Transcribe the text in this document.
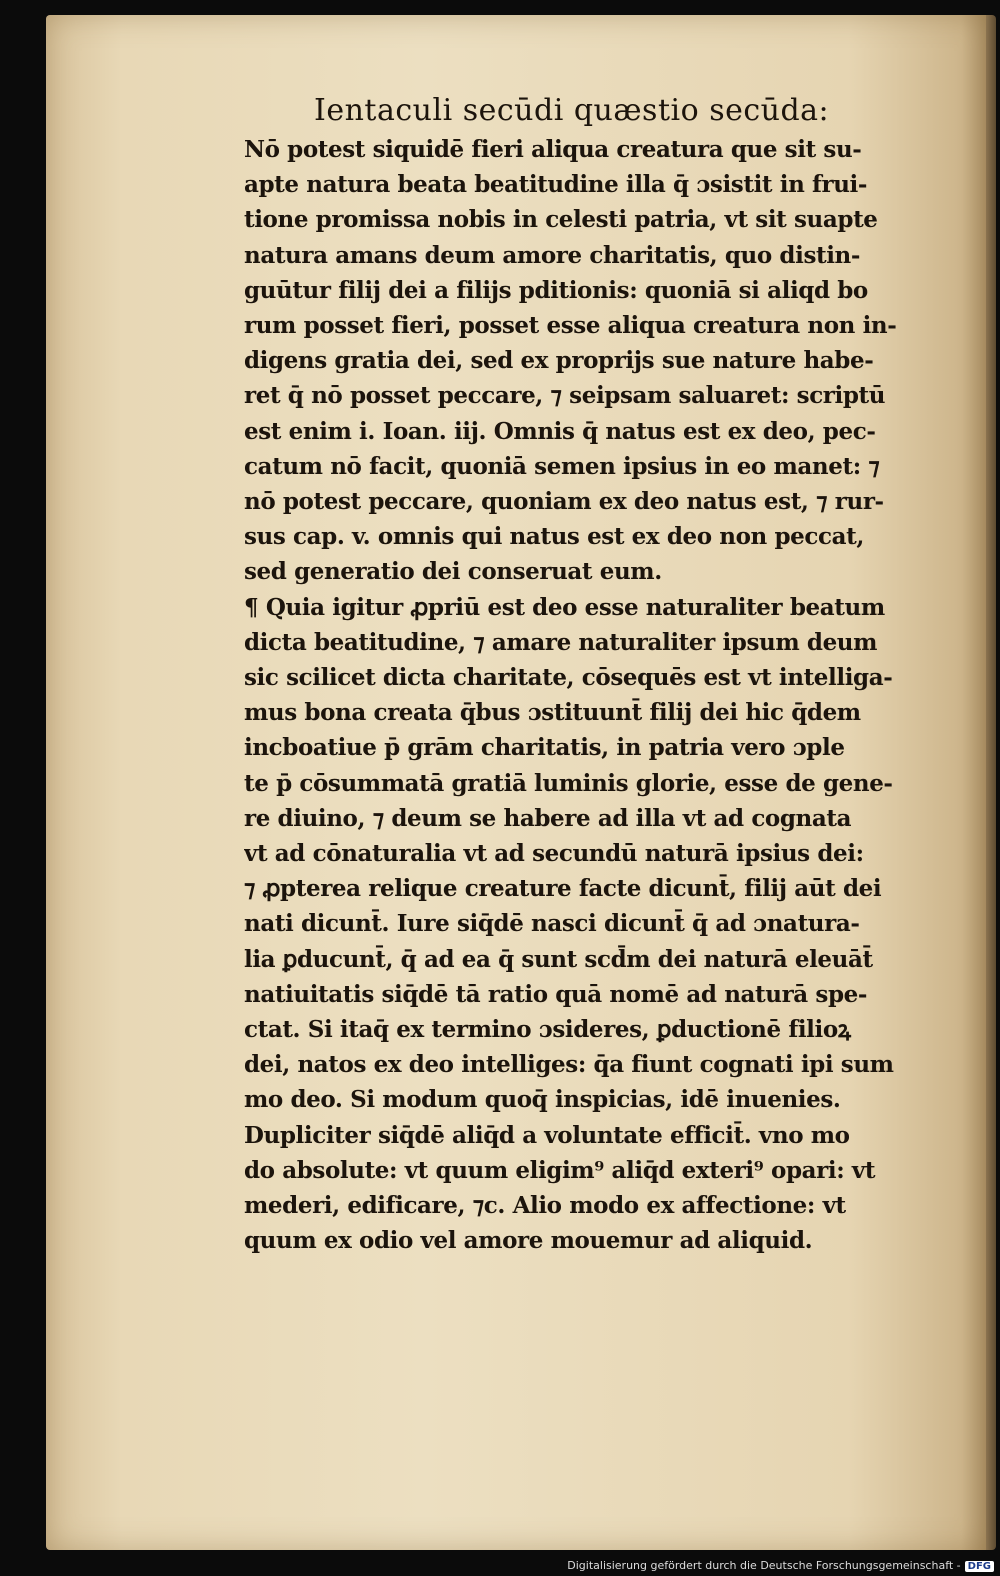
Ientaculi secūdi quæstio secūda:
Nō potest siquidē fieri aliqua creatura que sit su-
apte natura beata beatitudine illa q̄ ɔsistit in frui-
tione promissa nobis in celesti patria, vt sit suapte
natura amans deum amore charitatis, quo distin-
guūtur filij dei a filijs pditionis: quoniā si aliqd bo
rum posset fieri, posset esse aliqua creatura non in-
digens gratia dei, sed ex proprijs sue nature habe-
ret q̄ nō posset peccare, ⁊ seipsam saluaret: scriptū
est enim i. Ioan. iij. Omnis q̄ natus est ex deo, pec-
catum nō facit, quoniā semen ipsius in eo manet: ⁊
nō potest peccare, quoniam ex deo natus est, ⁊ rur-
sus cap. v. omnis qui natus est ex deo non peccat,
sed generatio dei conseruat eum.
¶ Quia igitur ꝓpriū est deo esse naturaliter beatum
dicta beatitudine, ⁊ amare naturaliter ipsum deum
sic scilicet dicta charitate, cōsequēs est vt intelliga-
mus bona creata q̄bus ɔstituunt̄ filij dei hic q̄dem
incboatiue p̄ grām charitatis, in patria vero ɔple
te p̄ cōsummatā gratiā luminis glorie, esse de gene-
re diuino, ⁊ deum se habere ad illa vt ad cognata
vt ad cōnaturalia vt ad secundū naturā ipsius dei:
⁊ ꝓpterea relique creature facte dicunt̄, filij aūt dei
nati dicunt̄. Iure siq̄dē nasci dicunt̄ q̄ ad ɔnatura-
lia ꝑducunt̄, q̄ ad ea q̄ sunt scd̄m dei naturā eleuāt̄
natiuitatis siq̄dē tā ratio quā nomē ad naturā spe-
ctat. Si itaq̄ ex termino ɔsideres, ꝑductionē filioꝝ
dei, natos ex deo intelliges: q̄a fiunt cognati ipi sum
mo deo. Si modum quoq̄ inspicias, idē inuenies.
Dupliciter siq̄dē aliq̄d a voluntate efficit̄. vno mo
do absolute: vt quum eligim⁹ aliq̄d exteri⁹ opari: vt
mederi, edificare, ⁊c. Alio modo ex affectione: vt
quum ex odio vel amore mouemur ad aliquid.
Digitalisierung gefördert durch die Deutsche Forschungsgemeinschaft - DFG
